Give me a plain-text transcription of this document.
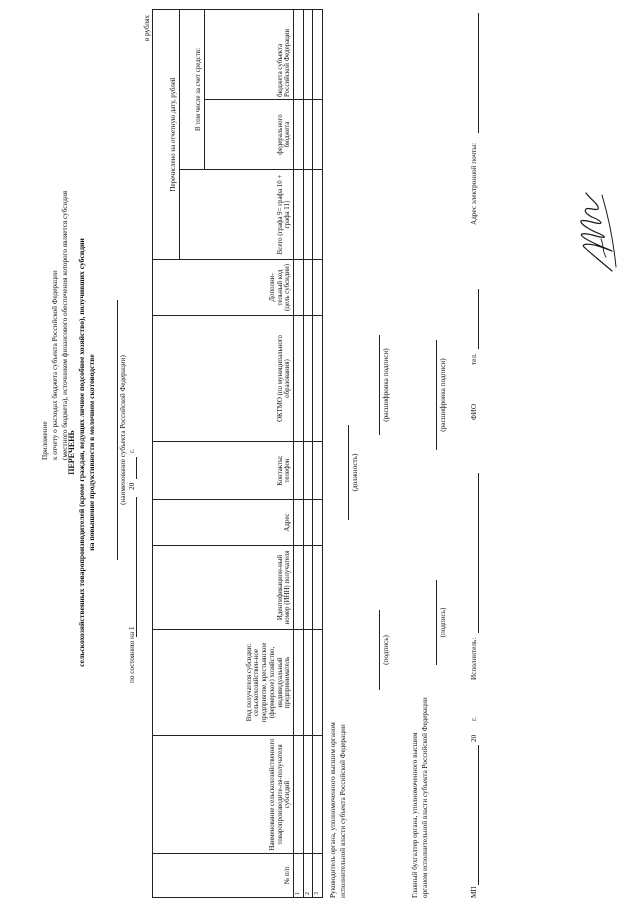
Приложение к отчету о расходах бюджета субъекта Российской Федерации (местного бюджета), источником финансового обеспечения которого является субсидия
ПЕРЕЧЕНЬ сельскохозяйственных товаропроизводителей (кроме граждан, ведущих личное подсобное хозяйство), получивших субсидии на повышение продуктивности в молочном скотоводстве	(наименование субъекта Российской Федерации)
по состоянию на 1
20
г.
в рублях
№ п/п	Наименование сельскохозяйственного товаропроизводите-ля-получателя субсидий	Вид получателя субсидии: сельскохозяйствен-ное предприятие, крестьянское (фермерское) хозяйство, индивидуальный предприниматель	Идентификацион-ный номер (ИНН) получателя	Адрес	Контакты: телефон	ОКТМО (по муниципального образования)	Дополни-тельный код (цель субсидии)	Перечислено на отчетную дату, рублей		
								Всего (графа 9= графа 10 + графа 11)	В том числе за счет средств:	
									федерального бюджета	бюджета субъекта Российской Федерации
1										
2										
3										Руководитель органа, уполномоченного высшим органом исполнительной власти субъекта Российской Федерации
(должность)
(подпись)
(расшифровка подписи)
Главный бухгалтер органа, уполномоченного высшим органом исполнительной власти субъекта Российской Федерации
(подпись)
(расшифровка подписи)
МП
20
г.
Исполнитель:
ФИО
тел.
Адрес электронной почты:
